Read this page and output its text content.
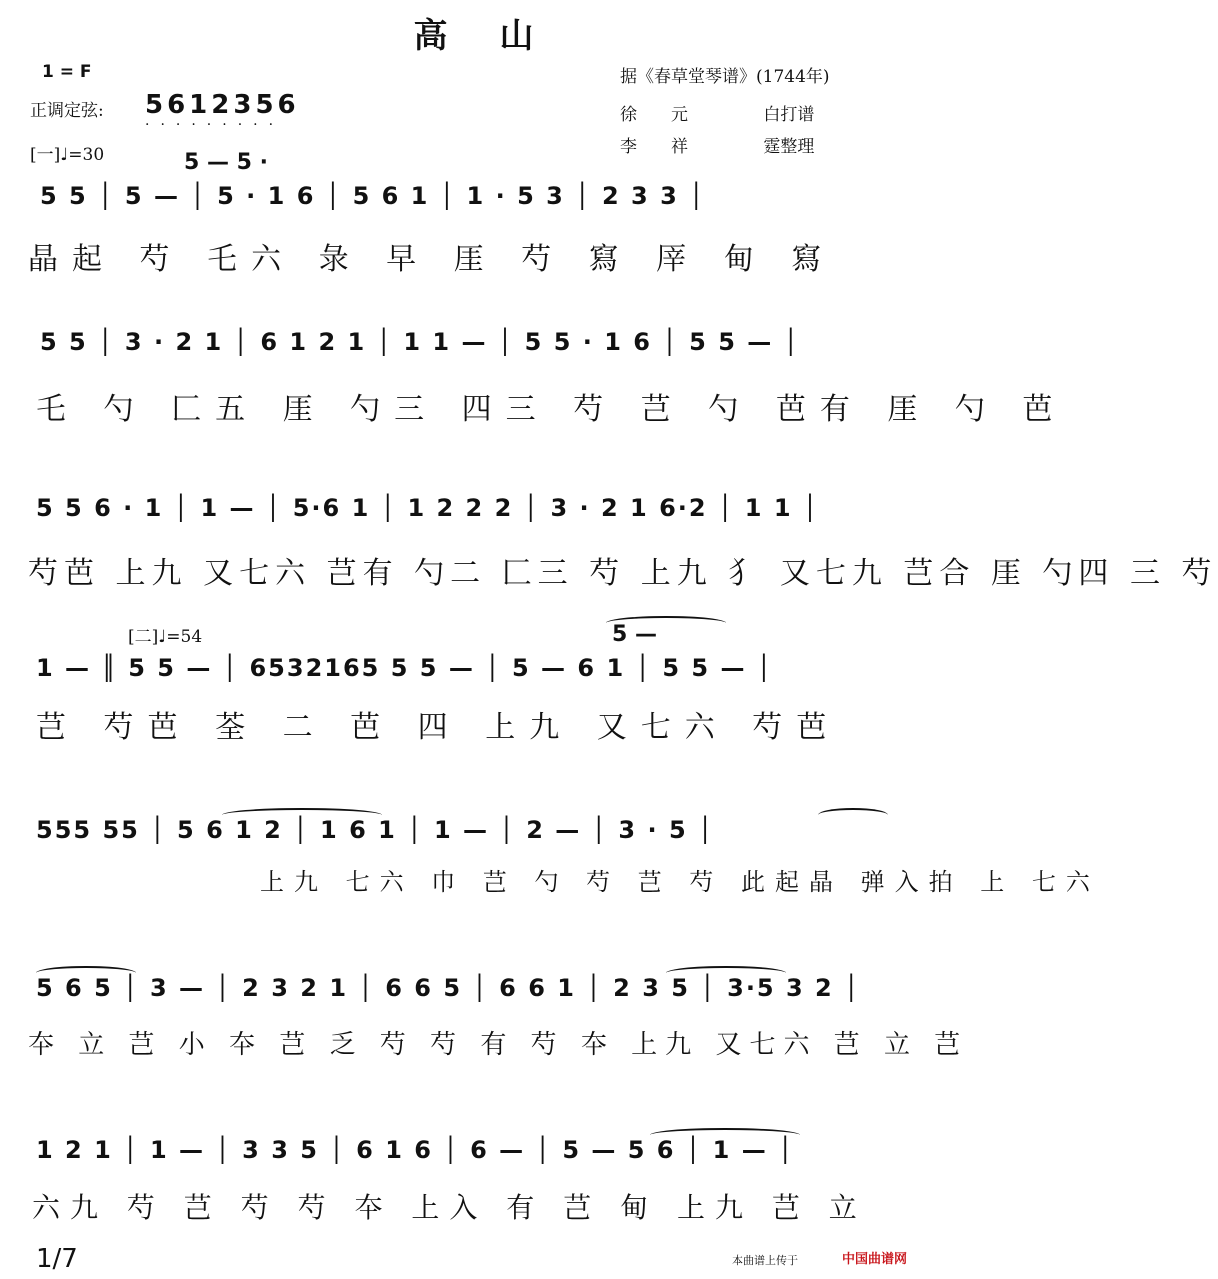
高山
1 = F
正调定弦: 5612356
·········
[一]♩=30
据《春草堂琴谱》(1744年)
徐　　元	白打谱
李　　祥	霆整理
5 — 5 ·
5 5 │ 5 — │ 5 · 1 6 │ 5 6 1 │ 1 · 5 3 │ 2 3 3 │
晶起 芍 乇六 彔 早 厓 芍 寫 厗 甸 寫
5 5 │ 3 · 2 1 │ 6 1 2 1 │ 1 1 — │ 5 5 · 1 6 │ 5 5 — │
乇 勺 匚五 厓 勺三 四三 芍 芑 勺 芭有 厓 勺 芭
5 5 6 · 1 │ 1 — │ 5·6 1 │ 1 2 2 2 │ 3 · 2 1 6·2 │ 1 1 │
芍芭 上九 又七六 芑有 勺二 匚三 芍 上九 犭 又七九 芑合 厓 勺四 三 芍
[二]♩=54	5 —
1 — ║ 5 5 — │ 6532165 5 5 — │ 5 — 6 1 │ 5 5 — │
芑 芍芭 荃 二 芭 四 上九 又七六 芍芭
555 55 │ 5 6 1 2 │ 1 6 1 │ 1 — │ 2 — │ 3 · 5 │
上九 七六 巾 芑 勺 芍 芑 芍 此起晶 弹入拍 上 七六
5 6 5 │ 3 — │ 2 3 2 1 │ 6 6 5 │ 6 6 1 │ 2 3 5 │ 3·5 3 2 │
夲 立 芑 小 夲 芑 乏 芍 芍 有 芍 夲 上九 又七六 芑 立 芑
1 2 1 │ 1 — │ 3 3 5 │ 6 1 6 │ 6 — │ 5 — 5 6 │ 1 — │
六九 芍 芑 芍 芍 夲 上入 有 芑 甸 上九 芑 立
1/7	本曲谱上传于	中国曲谱网
